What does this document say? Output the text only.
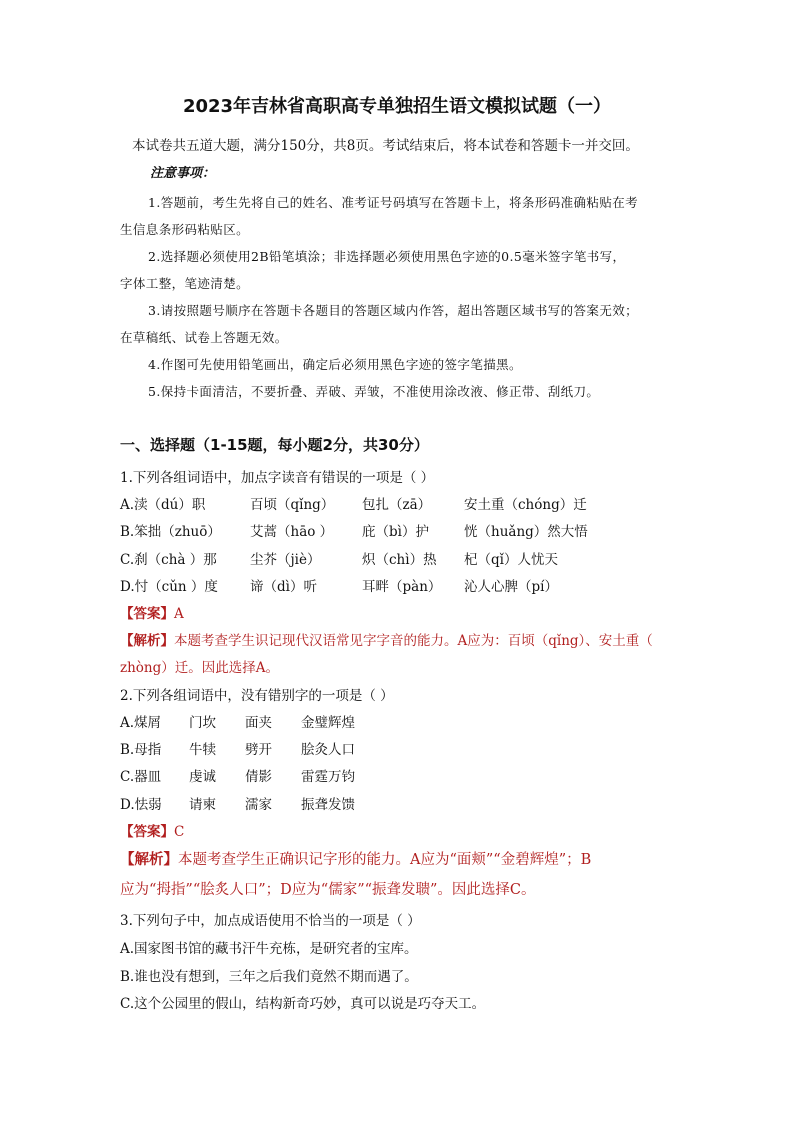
2023年吉林省高职高专单独招生语文模拟试题（一）
本试卷共五道大题，满分150分，共8页。考试结束后，将本试卷和答题卡一并交回。
注意事项：
1.答题前，考生先将自己的姓名、准考证号码填写在答题卡上，将条形码准确粘贴在考
生信息条形码粘贴区。
2.选择题必须使用2B铅笔填涂；非选择题必须使用黑色字迹的0.5毫米签字笔书写，
字体工整，笔迹清楚。
3.请按照题号顺序在答题卡各题目的答题区域内作答，超出答题区域书写的答案无效；
在草稿纸、试卷上答题无效。
4.作图可先使用铅笔画出，确定后必须用黑色字迹的签字笔描黑。
5.保持卡面清洁，不要折叠、弄破、弄皱，不准使用涂改液、修正带、刮纸刀。
一、选择题（1-15题，每小题2分，共30分）
1.下列各组词语中，加点字读音有错误的一项是（ ）
A.渎（dú）职	百顷（qǐng） 包扎（zā） 安土重（chóng）迁
B.笨拙（zhuō） 艾蒿（hāo ） 庇（bì）护	恍（huǎng）然大悟
C.刹（chà ）那 尘芥（jiè）	炽（chì）热 杞（qǐ）人忧天
D.忖（cǔn ）度 谛（dì）听	耳畔（pàn） 沁人心脾（pí）
【答案】A
【解析】本题考查学生识记现代汉语常见字字音的能力。A应为：百顷（qǐng）、安土重（
zhòng）迁。因此选择A。
2.下列各组词语中，没有错别字的一项是（ ）
A.煤屑 门坎 面夹 金璧辉煌
B.母指 牛犊 劈开 脍灸人口
C.器皿 虔诚 倩影 雷霆万钧
D.怯弱 请柬 濡家 振聋发馈
【答案】C
【解析】本题考查学生正确识记字形的能力。A应为“面颊”“金碧辉煌”；B
应为“拇指”“脍炙人口”；D应为“儒家”“振聋发聩”。因此选择C。
3.下列句子中，加点成语使用不恰当的一项是（ ）
A.国家图书馆的藏书汗牛充栋，是研究者的宝库。
B.谁也没有想到，三年之后我们竟然不期而遇了。
C.这个公园里的假山，结构新奇巧妙，真可以说是巧夺天工。
